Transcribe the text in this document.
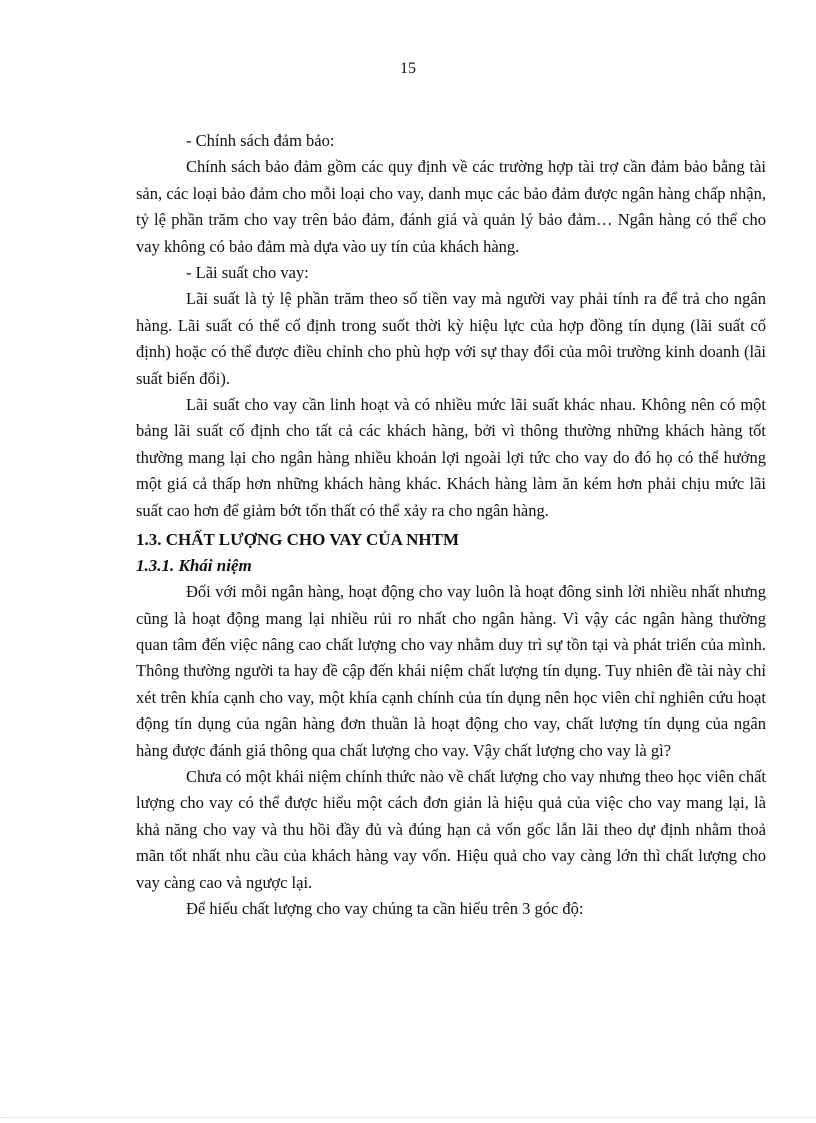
15

- Chính sách đảm bảo:

Chính sách bảo đảm gồm các quy định về các trường hợp tài trợ cần đảm bảo bằng tài sản, các loại bảo đảm cho mỗi loại cho vay, danh mục các bảo đảm được ngân hàng chấp nhận, tỷ lệ phần trăm cho vay trên bảo đảm, đánh giá và quản lý bảo đảm… Ngân hàng có thể cho vay không có bảo đảm mà dựa vào uy tín của khách hàng.

- Lãi suất cho vay:

Lãi suất là tỷ lệ phần trăm theo số tiền vay mà người vay phải tính ra để trả cho ngân hàng. Lãi suất có thể cố định trong suốt thời kỳ hiệu lực của hợp đồng tín dụng (lãi suất cố định) hoặc có thể được điều chỉnh cho phù hợp với sự thay đổi của môi trường kinh doanh (lãi suất biến đổi).

Lãi suất cho vay cần linh hoạt và có nhiều mức lãi suất khác nhau. Không nên có một bảng lãi suất cố định cho tất cả các khách hàng, bởi vì thông thường những khách hàng tốt thường mang lại cho ngân hàng nhiều khoản lợi ngoài lợi tức cho vay do đó họ có thể hưởng một giá cả thấp hơn những khách hàng khác. Khách hàng làm ăn kém hơn phải chịu mức lãi suất cao hơn để giảm bớt tổn thất có thể xảy ra cho ngân hàng.

1.3. CHẤT LƯỢNG CHO VAY CỦA NHTM

1.3.1. Khái niệm

Đối với mỗi ngân hàng, hoạt động cho vay luôn là hoạt đông sinh lời nhiều nhất nhưng cũng là hoạt động mang lại nhiều rủi ro nhất cho ngân hàng. Vì vậy các ngân hàng thường quan tâm đến việc nâng cao chất lượng cho vay nhằm duy trì sự tồn tại và phát triển của mình. Thông thường người ta hay đề cập đến khái niệm chất lượng tín dụng. Tuy nhiên đề tài này chỉ xét trên khía cạnh cho vay, một khía cạnh chính của tín dụng nên học viên chỉ nghiên cứu hoạt động tín dụng của ngân hàng đơn thuần là hoạt động cho vay, chất lượng tín dụng của ngân hàng được đánh giá thông qua chất lượng cho vay. Vậy chất lượng cho vay là gì?

Chưa có một khái niệm chính thức nào về chất lượng cho vay nhưng theo học viên chất lượng cho vay có thể được hiểu một cách đơn giản là hiệu quả của việc cho vay mang lại, là khả năng cho vay và thu hồi đầy đủ và đúng hạn cả vốn gốc lẫn lãi theo dự định nhằm thoả mãn tốt nhất nhu cầu của khách hàng vay vốn. Hiệu quả cho vay càng lớn thì chất lượng cho vay càng cao và ngược lại.

Để hiểu chất lượng cho vay chúng ta cần hiểu trên 3 góc độ:
